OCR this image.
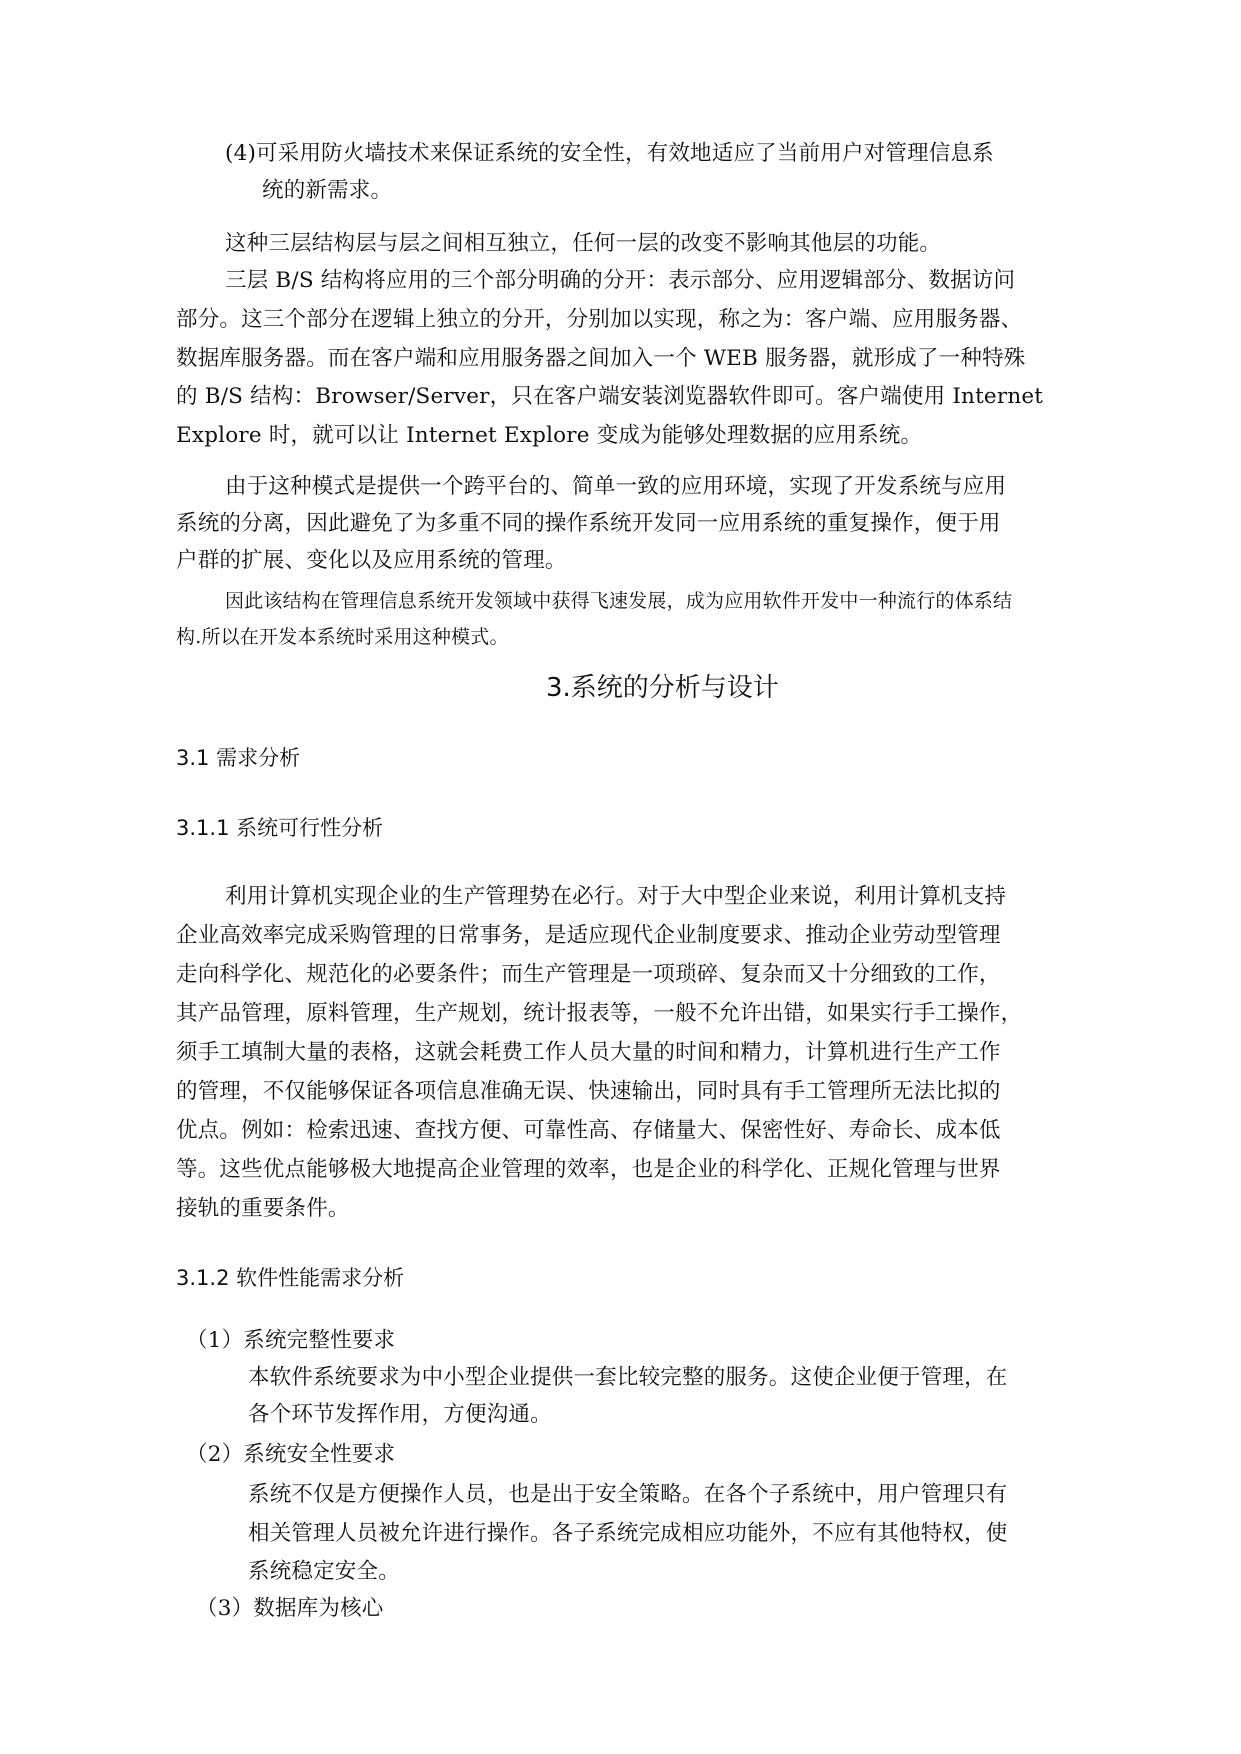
(4)可采用防火墙技术来保证系统的安全性，有效地适应了当前用户对管理信息系
统的新需求。
这种三层结构层与层之间相互独立，任何一层的改变不影响其他层的功能。
三层 B/S 结构将应用的三个部分明确的分开：表示部分、应用逻辑部分、数据访问
部分。这三个部分在逻辑上独立的分开，分别加以实现，称之为：客户端、应用服务器、
数据库服务器。而在客户端和应用服务器之间加入一个 WEB 服务器，就形成了一种特殊
的 B/S 结构：Browser/Server，只在客户端安装浏览器软件即可。客户端使用 Internet
Explore 时，就可以让 Internet Explore 变成为能够处理数据的应用系统。
由于这种模式是提供一个跨平台的、简单一致的应用环境，实现了开发系统与应用
系统的分离，因此避免了为多重不同的操作系统开发同一应用系统的重复操作，便于用
户群的扩展、变化以及应用系统的管理。
因此该结构在管理信息系统开发领域中获得飞速发展，成为应用软件开发中一种流行的体系结
构.所以在开发本系统时采用这种模式。
3.系统的分析与设计
3.1 需求分析
3.1.1 系统可行性分析
利用计算机实现企业的生产管理势在必行。对于大中型企业来说，利用计算机支持
企业高效率完成采购管理的日常事务，是适应现代企业制度要求、推动企业劳动型管理
走向科学化、规范化的必要条件；而生产管理是一项琐碎、复杂而又十分细致的工作，
其产品管理，原料管理，生产规划，统计报表等，一般不允许出错，如果实行手工操作，
须手工填制大量的表格，这就会耗费工作人员大量的时间和精力，计算机进行生产工作
的管理，不仅能够保证各项信息准确无误、快速输出，同时具有手工管理所无法比拟的
优点。例如：检索迅速、查找方便、可靠性高、存储量大、保密性好、寿命长、成本低
等。这些优点能够极大地提高企业管理的效率，也是企业的科学化、正规化管理与世界
接轨的重要条件。
3.1.2 软件性能需求分析
（1）系统完整性要求
本软件系统要求为中小型企业提供一套比较完整的服务。这使企业便于管理，在
各个环节发挥作用，方便沟通。
（2）系统安全性要求
系统不仅是方便操作人员，也是出于安全策略。在各个子系统中，用户管理只有
相关管理人员被允许进行操作。各子系统完成相应功能外，不应有其他特权，使
系统稳定安全。
（3）数据库为核心
